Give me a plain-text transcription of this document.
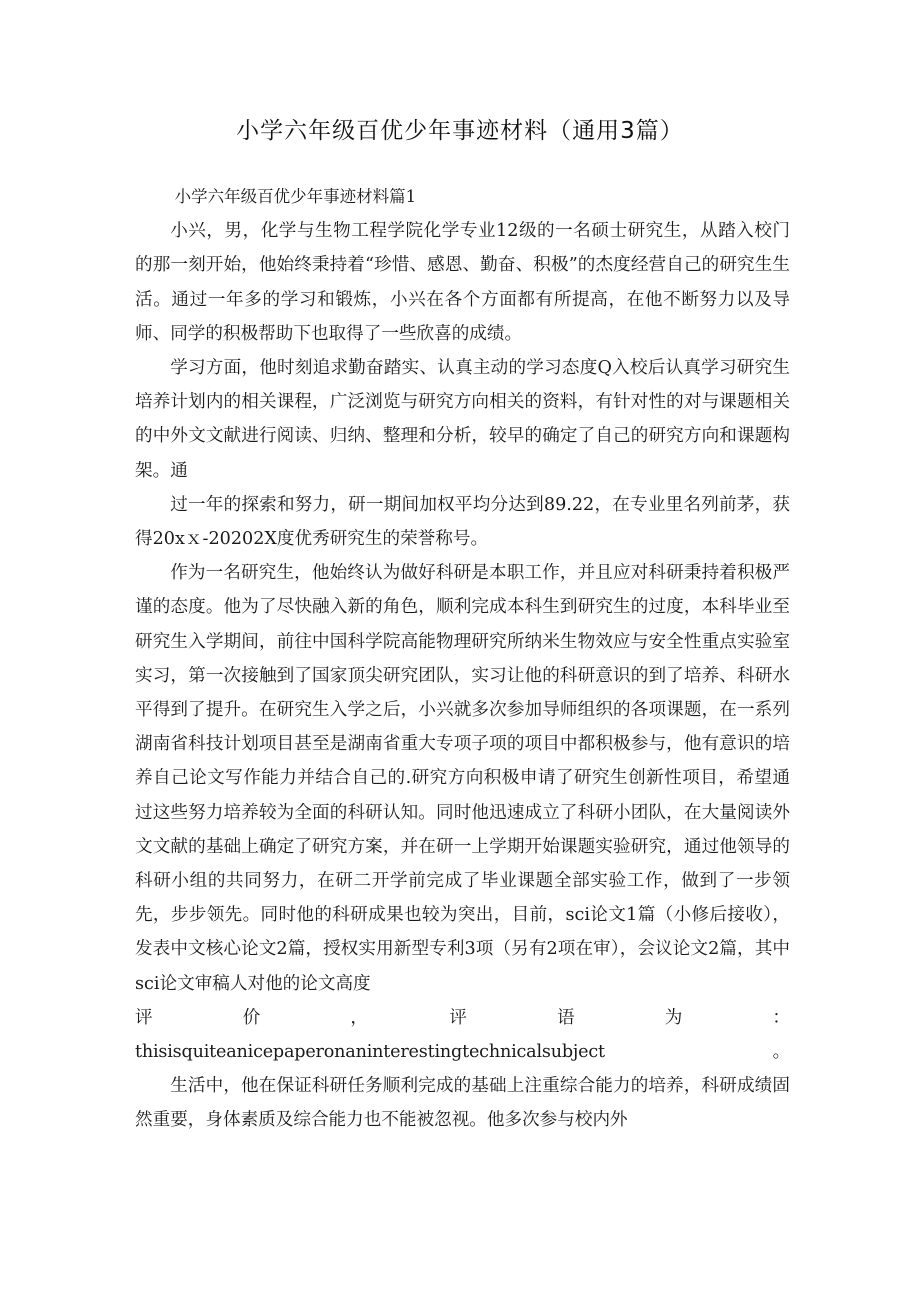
小学六年级百优少年事迹材料（通用3篇）

小学六年级百优少年事迹材料篇1

小兴，男，化学与生物工程学院化学专业12级的一名硕士研究生，从踏入校门的那一刻开始，他始终秉持着“珍惜、感恩、勤奋、积极”的杰度经营自己的研究生生活。通过一年多的学习和锻炼，小兴在各个方面都有所提高，在他不断努力以及导师、同学的积极帮助下也取得了一些欣喜的成绩。

学习方面，他时刻追求勤奋踏实、认真主动的学习态度Q入校后认真学习研究生培养计划内的相关课程，广泛浏览与研究方向相关的资料，有针对性的对与课题相关的中外文文献进行阅读、归纳、整理和分析，较早的确定了自己的研究方向和课题构架。通

过一年的探索和努力，研一期间加权平均分达到89.22，在专业里名列前茅，获得20xｘ-20202X度优秀研究生的荣誉称号。

作为一名研究生，他始终认为做好科研是本职工作，并且应对科研秉持着积极严谨的态度。他为了尽快融入新的角色，顺利完成本科生到研究生的过度，本科毕业至研究生入学期间，前往中国科学院高能物理研究所纳米生物效应与安全性重点实验室实习，第一次接触到了国家顶尖研究团队，实习让他的科研意识的到了培养、科研水平得到了提升。在研究生入学之后，小兴就多次参加导师组织的各项课题，在一系列湖南省科技计划项目甚至是湖南省重大专项子项的项目中都积极参与，他有意识的培养自己论文写作能力并结合自己的.研究方向积极申请了研究生创新性项目，希望通过这些努力培养较为全面的科研认知。同时他迅速成立了科研小团队，在大量阅读外文文献的基础上确定了研究方案，并在研一上学期开始课题实验研究，通过他领导的科研小组的共同努力，在研二开学前完成了毕业课题全部实验工作，做到了一步领先，步步领先。同时他的科研成果也较为突出，目前，sci论文1篇（小修后接收），发表中文核心论文2篇，授权实用新型专利3项（另有2项在审），会议论文2篇，其中sci论文审稿人对他的论文高度

评　　价　　，　　评　　语　　为　　：
thisisquiteanicepaperonaninterestingtechnicalsubject。

生活中，他在保证科研任务顺利完成的基础上注重综合能力的培养，科研成绩固然重要，身体素质及综合能力也不能被忽视。他多次参与校内外
